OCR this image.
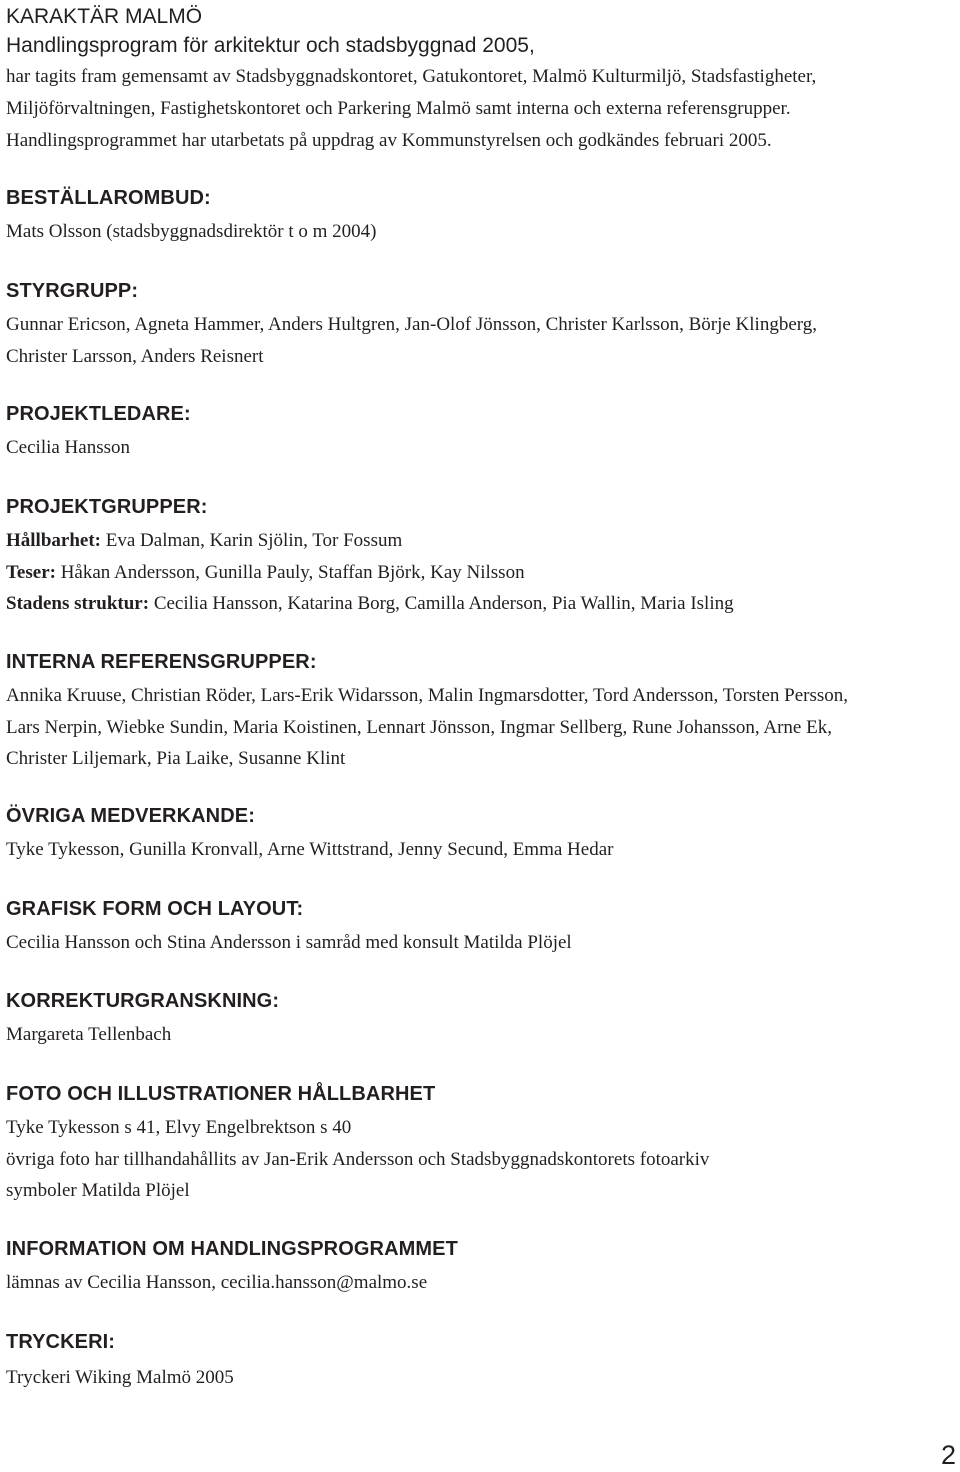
KARAKTÄR MALMÖ
Handlingsprogram för arkitektur och stadsbyggnad 2005,
har tagits fram gemensamt av Stadsbyggnadskontoret, Gatukontoret, Malmö Kulturmiljö, Stadsfastigheter,
Miljöförvaltningen, Fastighetskontoret och Parkering Malmö samt interna och externa referensgrupper.
Handlingsprogrammet har utarbetats på uppdrag av Kommunstyrelsen och godkändes februari 2005.
BESTÄLLAROMBUD:
Mats Olsson (stadsbyggnadsdirektör t o m 2004)
STYRGRUPP:
Gunnar Ericson, Agneta Hammer, Anders Hultgren, Jan-Olof Jönsson, Christer Karlsson, Börje Klingberg,
Christer Larsson, Anders Reisnert
PROJEKTLEDARE:
Cecilia Hansson
PROJEKTGRUPPER:
Hållbarhet: Eva Dalman, Karin Sjölin, Tor Fossum
Teser: Håkan Andersson, Gunilla Pauly, Staffan Björk, Kay Nilsson
Stadens struktur: Cecilia Hansson, Katarina Borg, Camilla Anderson, Pia Wallin, Maria Isling
INTERNA REFERENSGRUPPER:
Annika Kruuse, Christian Röder, Lars-Erik Widarsson, Malin Ingmarsdotter, Tord Andersson, Torsten Persson,
Lars Nerpin, Wiebke Sundin, Maria Koistinen, Lennart Jönsson, Ingmar Sellberg, Rune Johansson, Arne Ek,
Christer Liljemark, Pia Laike, Susanne Klint
ÖVRIGA MEDVERKANDE:
Tyke Tykesson, Gunilla Kronvall, Arne Wittstrand, Jenny Secund, Emma Hedar
GRAFISK FORM OCH LAYOUT:
Cecilia Hansson och Stina Andersson i samråd med konsult Matilda Plöjel
KORREKTURGRANSKNING:
Margareta Tellenbach
FOTO OCH ILLUSTRATIONER HÅLLBARHET
Tyke Tykesson s 41, Elvy Engelbrektson s 40
övriga foto har tillhandahållits av Jan-Erik Andersson och Stadsbyggnadskontorets fotoarkiv
symboler Matilda Plöjel
INFORMATION OM HANDLINGSPROGRAMMET
lämnas av Cecilia Hansson, cecilia.hansson@malmo.se
TRYCKERI:
Tryckeri Wiking Malmö 2005
2
